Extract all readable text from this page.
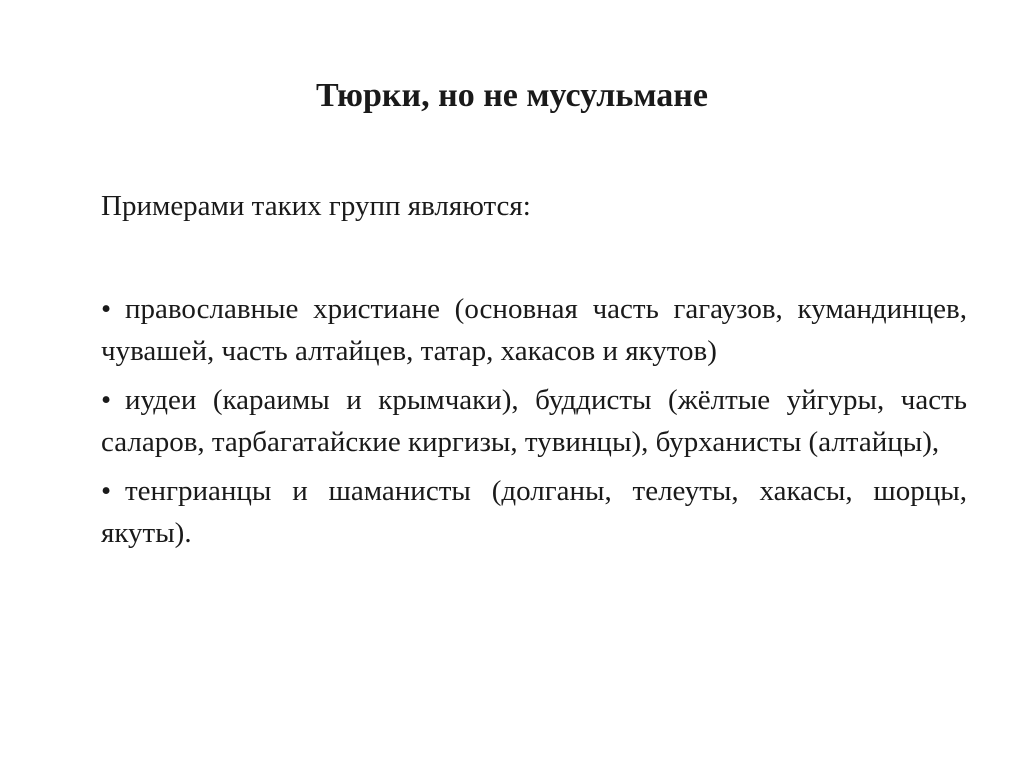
Тюрки, но не мусульмане

Примерами таких групп являются:

• православные христиане (основная часть гагаузов, кумандинцев, чувашей, часть алтайцев, татар, хакасов и якутов)
• иудеи (караимы и крымчаки), буддисты (жёлтые уйгуры, часть саларов, тарбагатайские киргизы, тувинцы), бурханисты (алтайцы),
• тенгрианцы и шаманисты (долганы, телеуты, хакасы, шорцы, якуты).
